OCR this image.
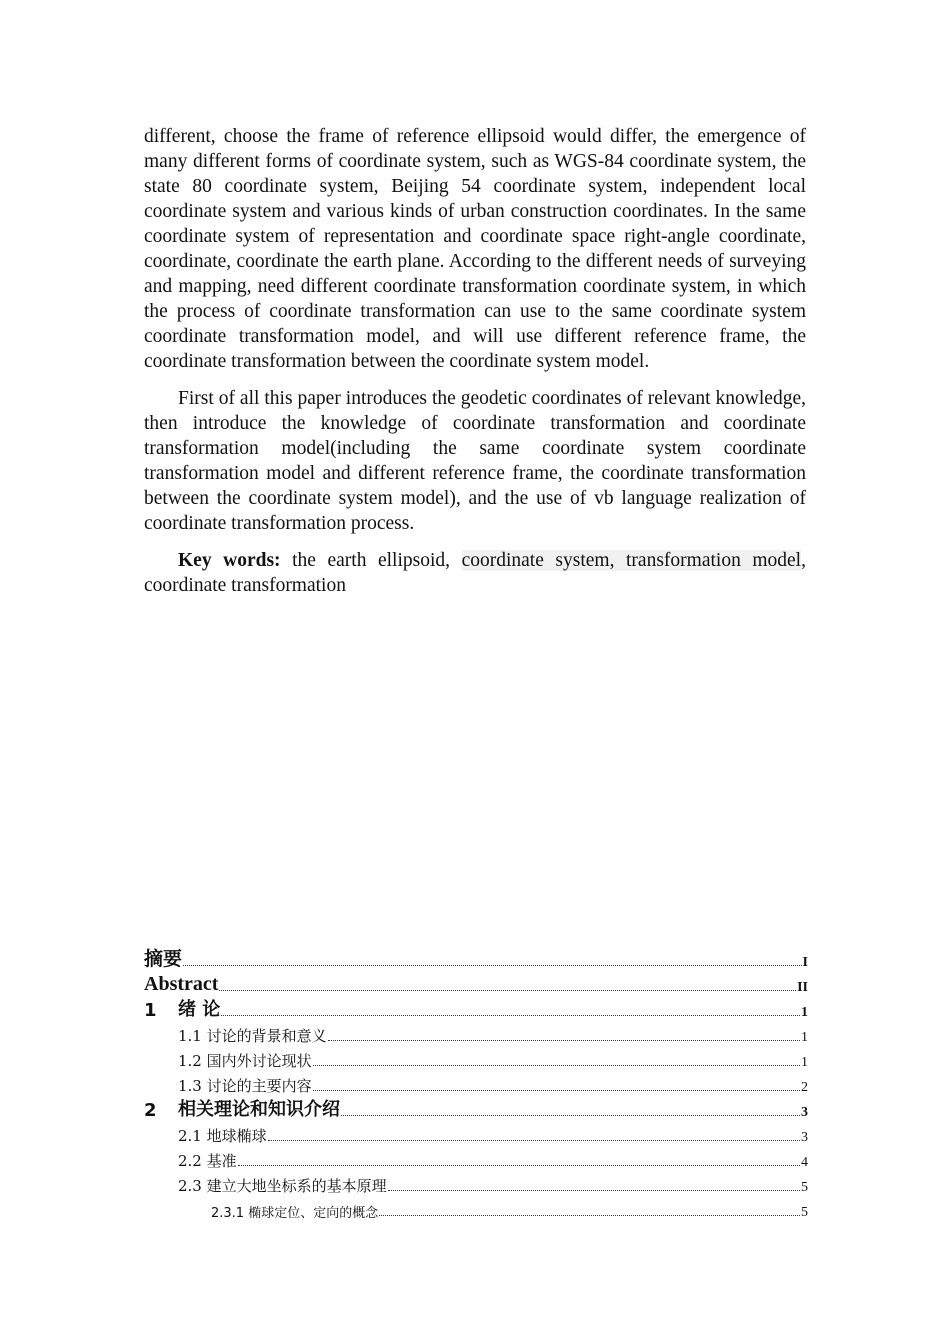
different, choose the frame of reference ellipsoid would differ, the emergence of many different forms of coordinate system, such as WGS-84 coordinate system, the state 80 coordinate system, Beijing 54 coordinate system, independent local coordinate system and various kinds of urban construction coordinates. In the same coordinate system of representation and coordinate space right-angle coordinate, coordinate, coordinate the earth plane. According to the different needs of surveying and mapping, need different coordinate transformation coordinate system, in which the process of coordinate transformation can use to the same coordinate system coordinate transformation model, and will use different reference frame, the coordinate transformation between the coordinate system model.

First of all this paper introduces the geodetic coordinates of relevant knowledge, then introduce the knowledge of coordinate transformation and coordinate transformation model(including the same coordinate system coordinate transformation model and different reference frame, the coordinate transformation between the coordinate system model), and the use of vb language realization of coordinate transformation process.

Key words: the earth ellipsoid, coordinate system, transformation model, coordinate transformation

摘要	I
Abstract	II
1	绪 论	1
1.1 讨论的背景和意义	1
1.2 国内外讨论现状	1
1.3 讨论的主要内容	2
2	相关理论和知识介绍	3
2.1 地球椭球	3
2.2 基准	4
2.3 建立大地坐标系的基本原理	5
2.3.1 椭球定位、定向的概念	5
